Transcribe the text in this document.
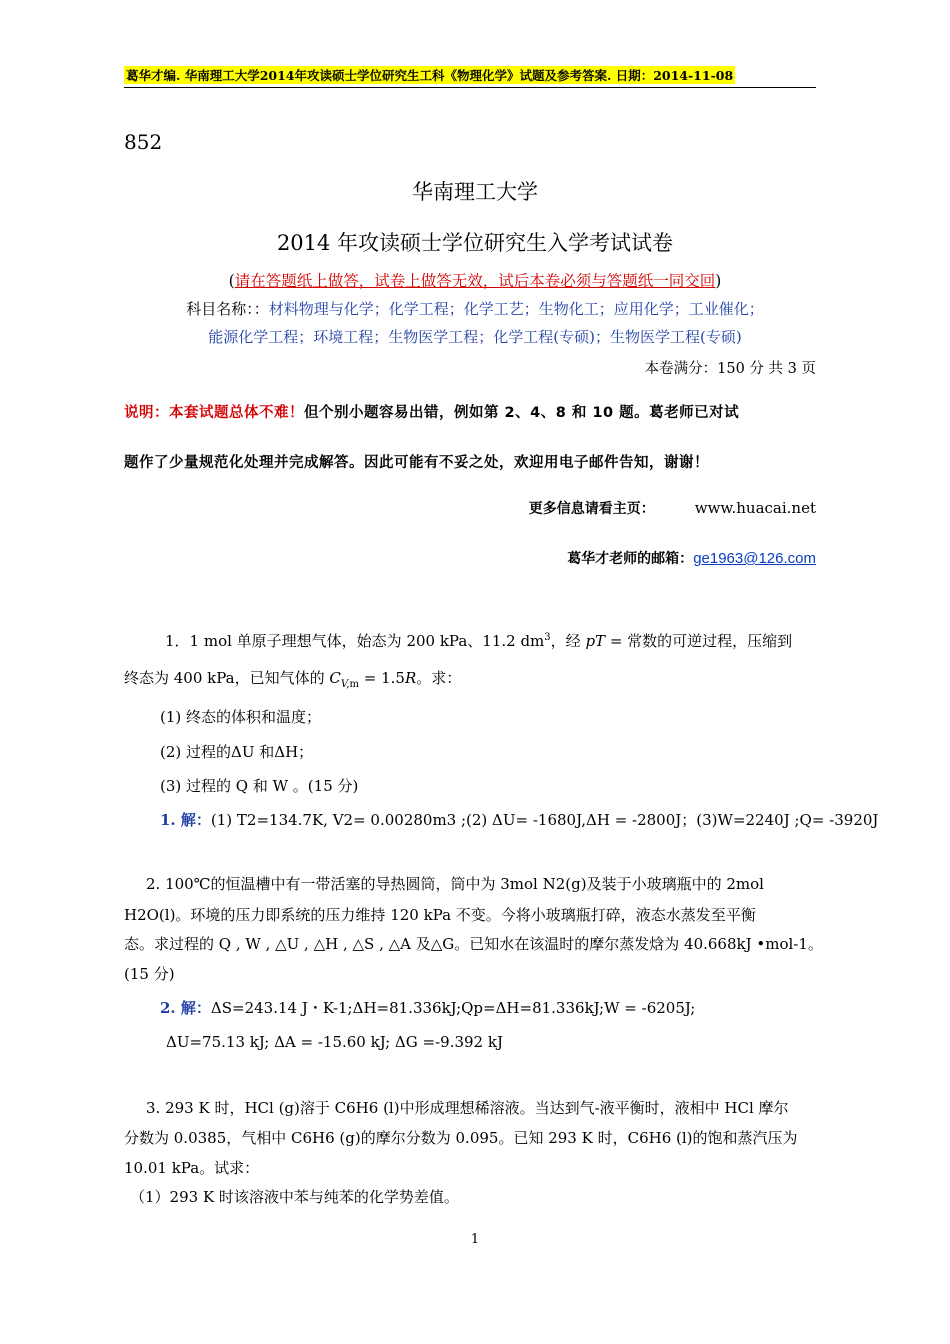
葛华才编. 华南理工大学2014年攻读硕士学位研究生工科《物理化学》试题及参考答案. 日期：2014-11-08
852
华南理工大学
2014 年攻读硕士学位研究生入学考试试卷
(请在答题纸上做答，试卷上做答无效，试后本卷必须与答题纸一同交回)
科目名称：：材料物理与化学；化学工程；化学工艺；生物化工；应用化学；工业催化；
能源化学工程；环境工程；生物医学工程；化学工程(专硕)；生物医学工程(专硕)
本卷满分：150 分 共 3 页
说明：本套试题总体不难！但个别小题容易出错，例如第 2、4、8 和 10 题。葛老师已对试
题作了少量规范化处理并完成解答。因此可能有不妥之处，欢迎用电子邮件告知，谢谢！
更多信息请看主页：	www.huacai.net
葛华才老师的邮箱：ge1963@126.com
1．1 mol 单原子理想气体，始态为 200 kPa、11.2 $dm^3$，经 pT = 常数的可逆过程，压缩到
终态为 400 kPa，已知气体的 $C_{V,m} = 1.5R$。求：
(1) 终态的体积和温度；
(2) 过程的ΔU 和ΔH；
(3) 过程的 Q 和 W 。(15 分)
1. 解：(1) T2=134.7K, V2= 0.00280m3 ;(2) ΔU= -1680J,ΔH = -2800J；(3)W=2240J ;Q= -3920J
2. 100℃的恒温槽中有一带活塞的导热圆筒，筒中为 3mol N2(g)及装于小玻璃瓶中的 2mol
H2O(l)。环境的压力即系统的压力维持 120 kPa 不变。今将小玻璃瓶打碎，液态水蒸发至平衡
态。求过程的 Q , W , △U , △H , △S , △A 及△G。已知水在该温时的摩尔蒸发焓为 40.668kJ •mol-1。
(15 分)
2. 解：ΔS=243.14 J・K-1;ΔH=81.336kJ;Qp=ΔH=81.336kJ;W = -6205J;
ΔU=75.13 kJ; ΔA = -15.60 kJ; ΔG =-9.392 kJ
3. 293 K 时，HCl (g)溶于 C6H6 (l)中形成理想稀溶液。当达到气-液平衡时，液相中 HCl 摩尔
分数为 0.0385，气相中 C6H6 (g)的摩尔分数为 0.095。已知 293 K 时，C6H6 (l)的饱和蒸汽压为
10.01 kPa。试求：
（1）293 K 时该溶液中苯与纯苯的化学势差值。
1
